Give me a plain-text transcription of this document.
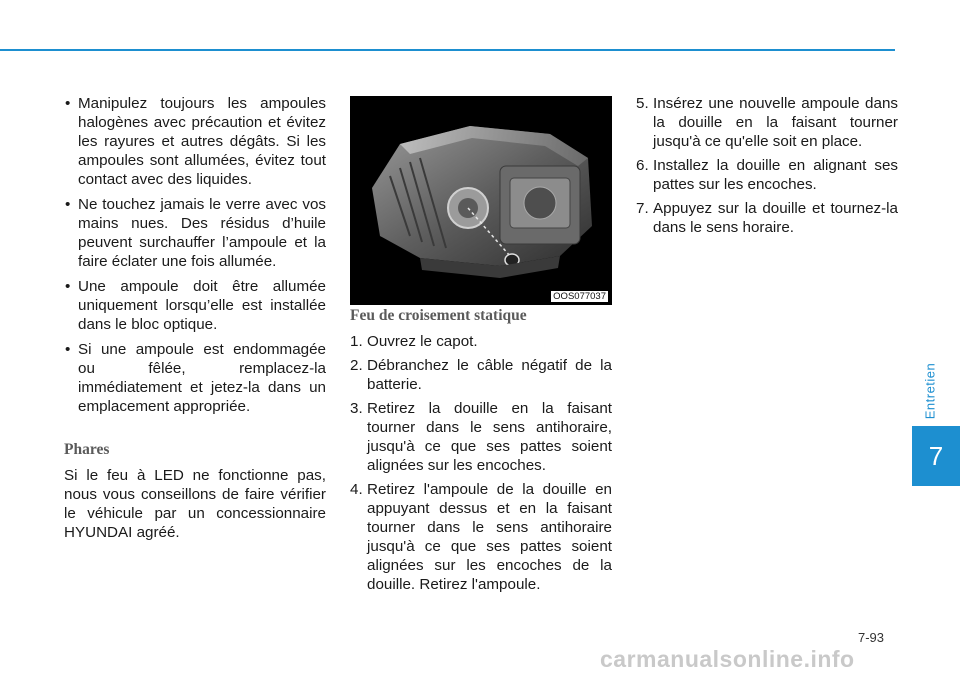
• Manipulez toujours les ampoules halogènes avec précaution et évitez les rayures et autres dégâts. Si les ampoules sont allumées, évitez tout contact avec des liquides.
• Ne touchez jamais le verre avec vos mains nues. Des résidus d’huile peuvent surchauffer l’ampoule et la faire éclater une fois allumée.
• Une ampoule doit être allumée uniquement lorsqu’elle est installée dans le bloc optique.
• Si une ampoule est endommagée ou fêlée, remplacez-la immédiatement et jetez-la dans un emplacement appropriée.
Phares

Si le feu à LED ne fonctionne pas, nous vous conseillons de faire vérifier le véhicule par un concessionnaire HYUNDAI agréé.

OOS077037
Feu de croisement statique
1. Ouvrez le capot.
2. Débranchez le câble négatif de la batterie.
3. Retirez la douille en la faisant tourner dans le sens antihoraire, jusqu'à ce que ses pattes soient alignées sur les encoches.
4. Retirez l'ampoule de la douille en appuyant dessus et en la faisant tourner dans le sens antihoraire jusqu'à ce que ses pattes soient alignées sur les encoches de la douille. Retirez l'ampoule.
5. Insérez une nouvelle ampoule dans la douille en la faisant tourner jusqu'à ce qu'elle soit en place.
6. Installez la douille en alignant ses pattes sur les encoches.
7. Appuyez sur la douille et tournez-la dans le sens horaire.
Entretien
7
7-93
carmanualsonline.info
